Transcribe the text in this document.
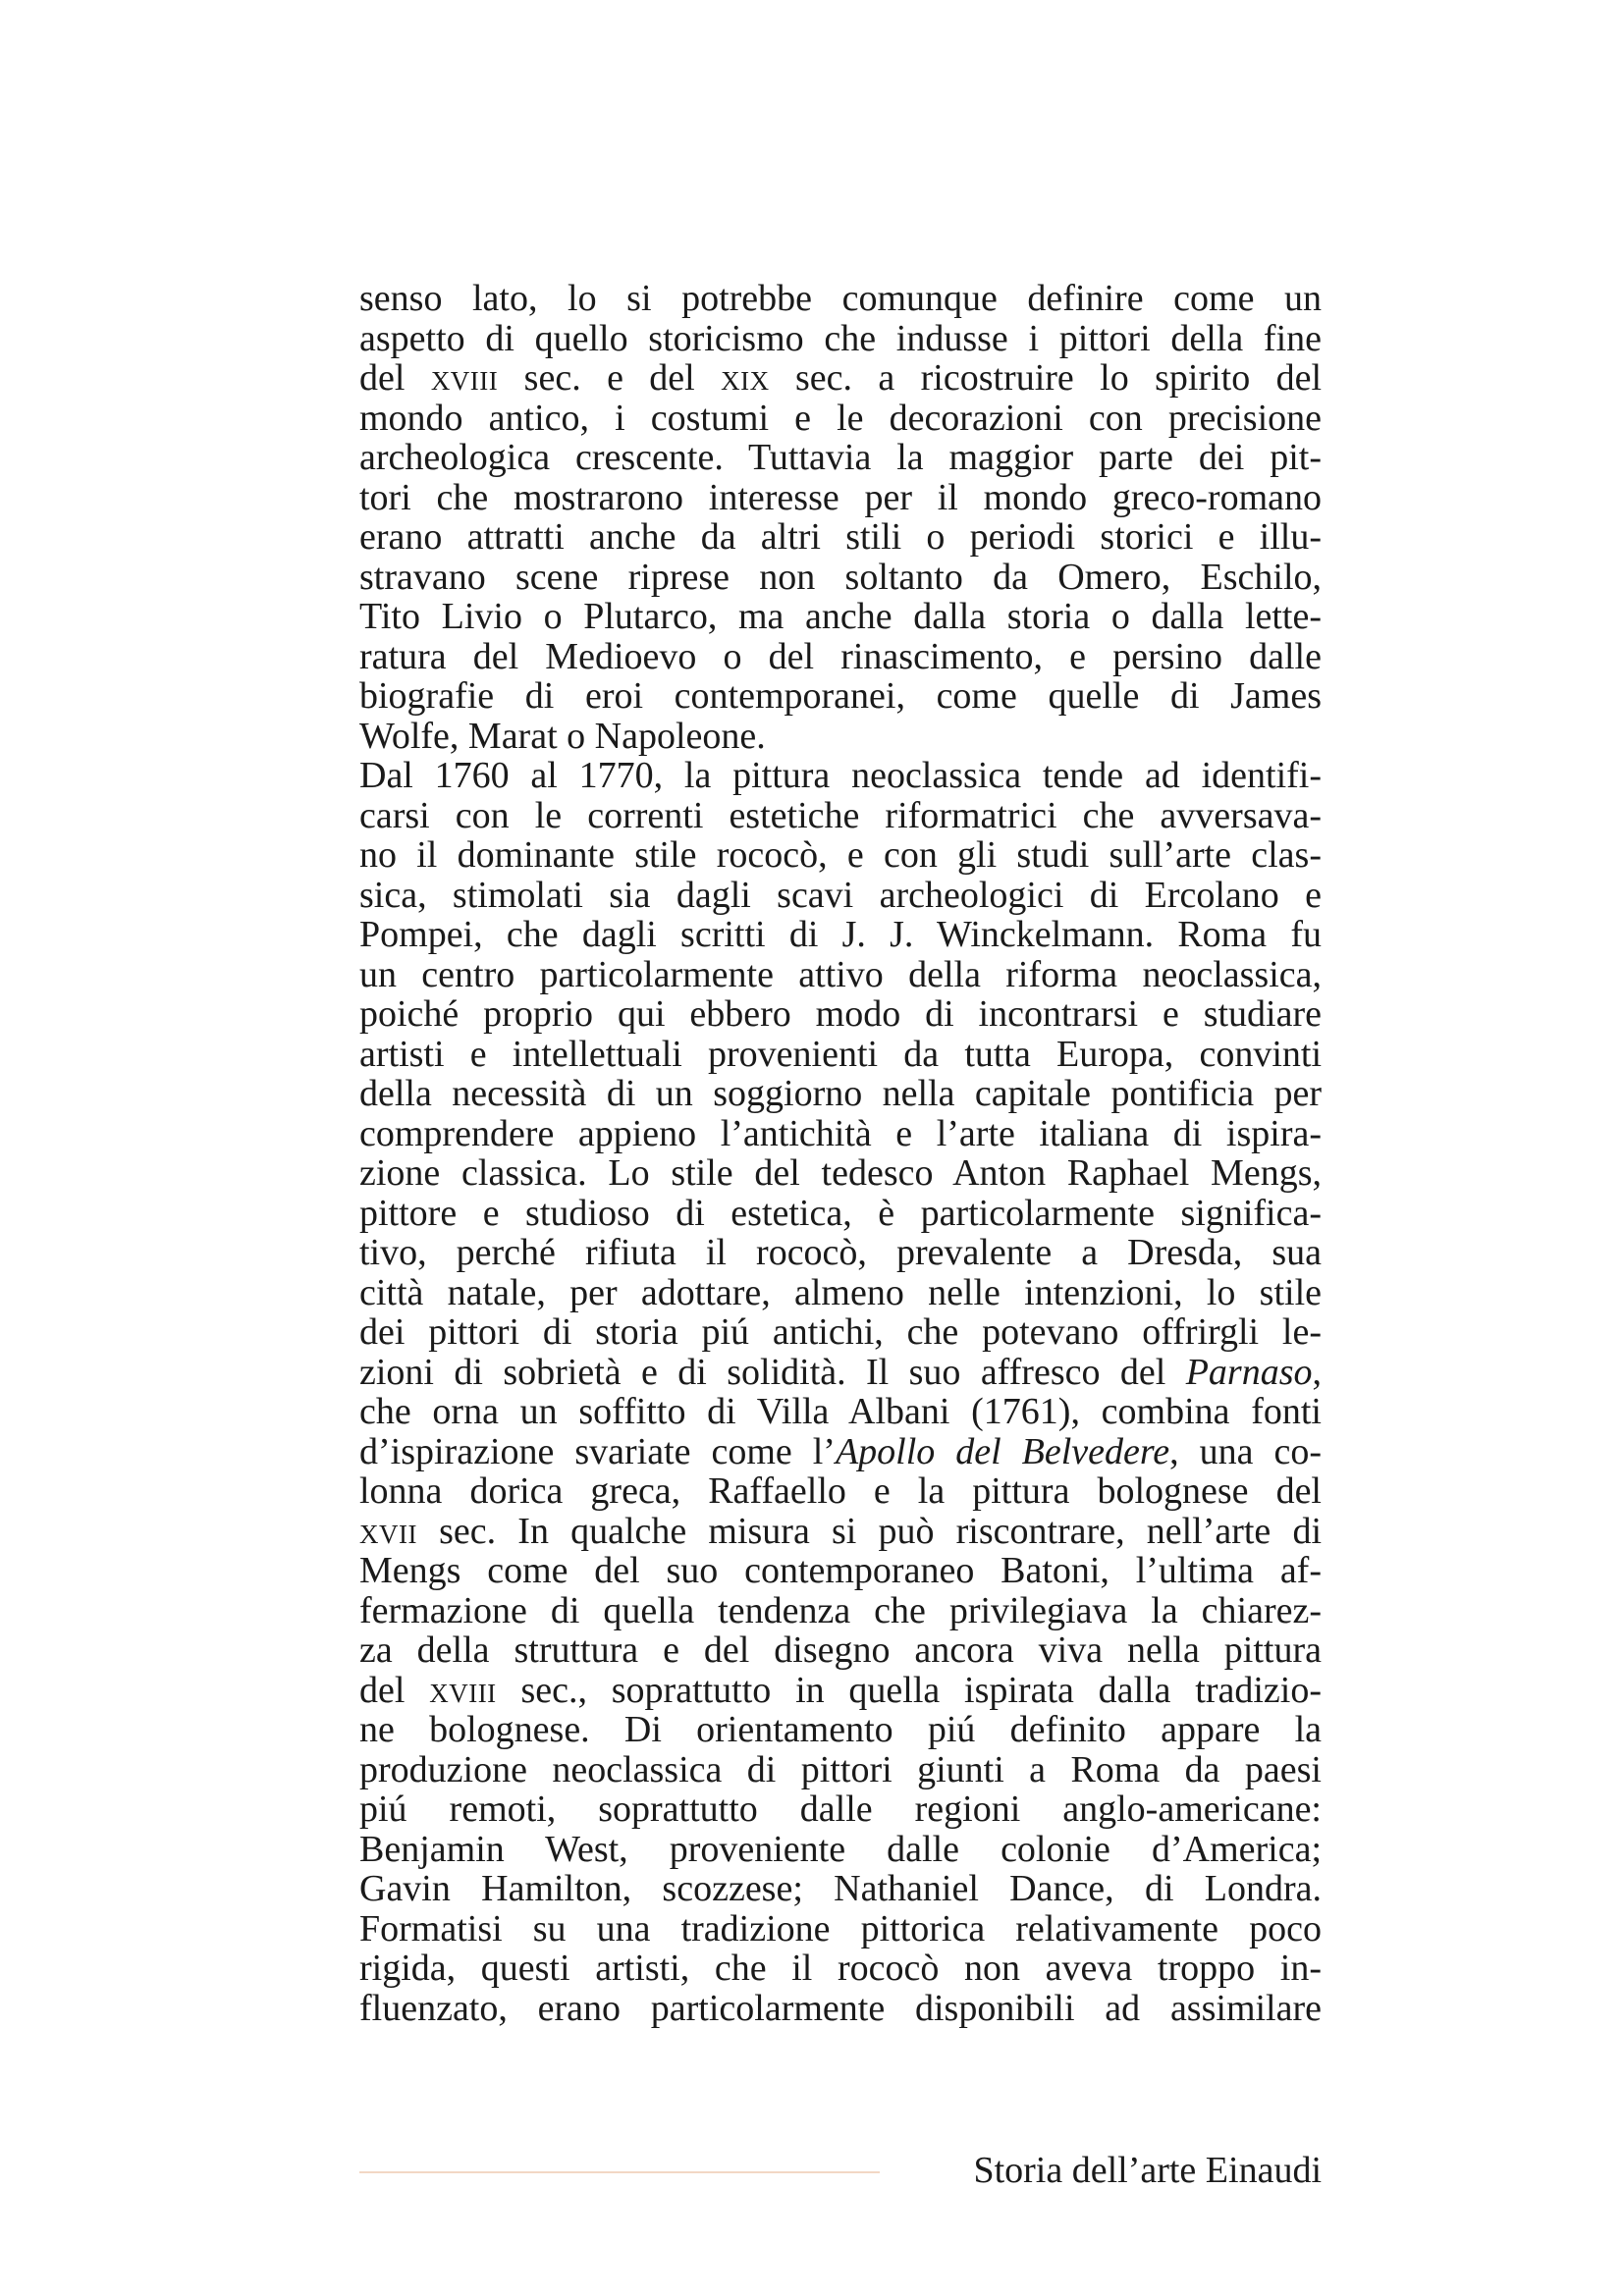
senso lato, lo si potrebbe comunque definire come un
aspetto di quello storicismo che indusse i pittori della fine
del xviii sec. e del xix sec. a ricostruire lo spirito del
mondo antico, i costumi e le decorazioni con precisione
archeologica crescente. Tuttavia la maggior parte dei pit-
tori che mostrarono interesse per il mondo greco-romano
erano attratti anche da altri stili o periodi storici e illu-
stravano scene riprese non soltanto da Omero, Eschilo,
Tito Livio o Plutarco, ma anche dalla storia o dalla lette-
ratura del Medioevo o del rinascimento, e persino dalle
biografie di eroi contemporanei, come quelle di James
Wolfe, Marat o Napoleone.
Dal 1760 al 1770, la pittura neoclassica tende ad identifi-
carsi con le correnti estetiche riformatrici che avversava-
no il dominante stile rococò, e con gli studi sull’arte clas-
sica, stimolati sia dagli scavi archeologici di Ercolano e
Pompei, che dagli scritti di J. J. Winckelmann. Roma fu
un centro particolarmente attivo della riforma neoclassica,
poiché proprio qui ebbero modo di incontrarsi e studiare
artisti e intellettuali provenienti da tutta Europa, convinti
della necessità di un soggiorno nella capitale pontificia per
comprendere appieno l’antichità e l’arte italiana di ispira-
zione classica. Lo stile del tedesco Anton Raphael Mengs,
pittore e studioso di estetica, è particolarmente significa-
tivo, perché rifiuta il rococò, prevalente a Dresda, sua
città natale, per adottare, almeno nelle intenzioni, lo stile
dei pittori di storia piú antichi, che potevano offrirgli le-
zioni di sobrietà e di solidità. Il suo affresco del Parnaso,
che orna un soffitto di Villa Albani (1761), combina fonti
d’ispirazione svariate come l’Apollo del Belvedere, una co-
lonna dorica greca, Raffaello e la pittura bolognese del
xvii sec. In qualche misura si può riscontrare, nell’arte di
Mengs come del suo contemporaneo Batoni, l’ultima af-
fermazione di quella tendenza che privilegiava la chiarez-
za della struttura e del disegno ancora viva nella pittura
del xviii sec., soprattutto in quella ispirata dalla tradizio-
ne bolognese. Di orientamento piú definito appare la
produzione neoclassica di pittori giunti a Roma da paesi
piú remoti, soprattutto dalle regioni anglo-americane:
Benjamin West, proveniente dalle colonie d’America;
Gavin Hamilton, scozzese; Nathaniel Dance, di Londra.
Formatisi su una tradizione pittorica relativamente poco
rigida, questi artisti, che il rococò non aveva troppo in-
fluenzato, erano particolarmente disponibili ad assimilare
Storia dell’arte Einaudi
